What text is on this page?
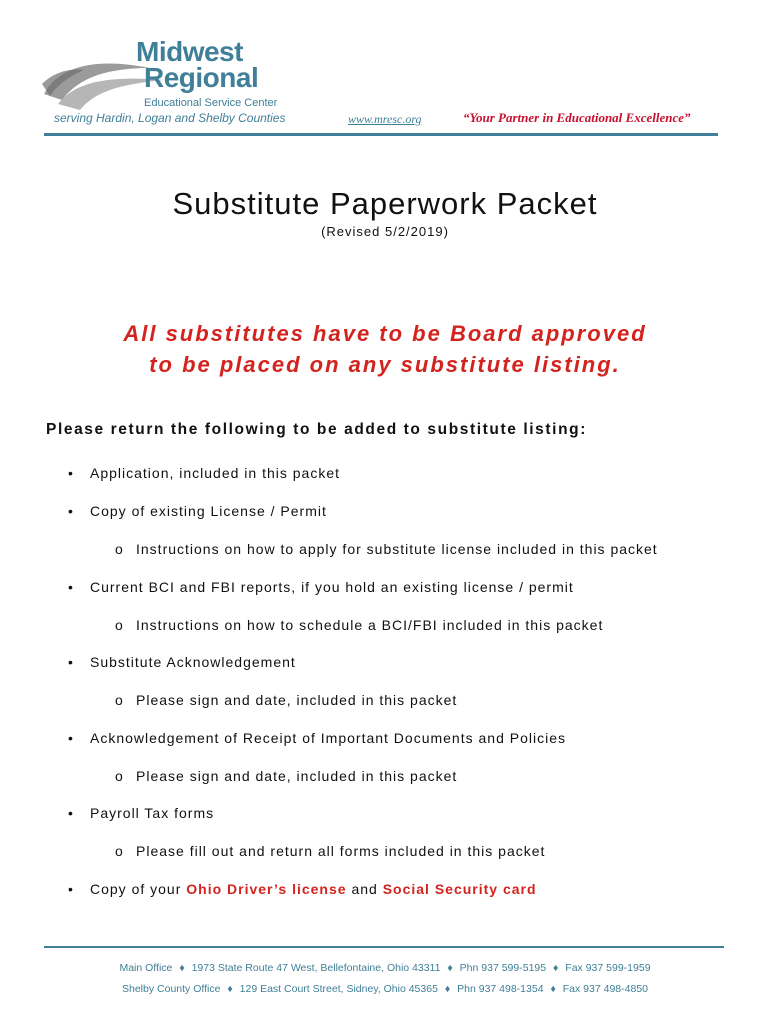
Midwest
Regional
Educational Service Center
serving Hardin, Logan and Shelby Counties	www.mresc.org	“Your Partner in Educational Excellence”
Substitute Paperwork Packet
(Revised 5/2/2019)
All substitutes have to be Board approved
to be placed on any substitute listing.
Please return the following to be added to substitute listing:
• Application, included in this packet
• Copy of existing License / Permit
o Instructions on how to apply for substitute license included in this packet
• Current BCI and FBI reports, if you hold an existing license / permit
o Instructions on how to schedule a BCI/FBI included in this packet
• Substitute Acknowledgement
o Please sign and date, included in this packet
• Acknowledgement of Receipt of Important Documents and Policies
o Please sign and date, included in this packet
• Payroll Tax forms
o Please fill out and return all forms included in this packet
• Copy of your Ohio Driver’s license and Social Security card
Main Office ♦ 1973 State Route 47 West, Bellefontaine, Ohio 43311 ♦ Phn 937 599-5195 ♦ Fax 937 599-1959
Shelby County Office ♦ 129 East Court Street, Sidney, Ohio 45365 ♦ Phn 937 498-1354 ♦ Fax 937 498-4850
